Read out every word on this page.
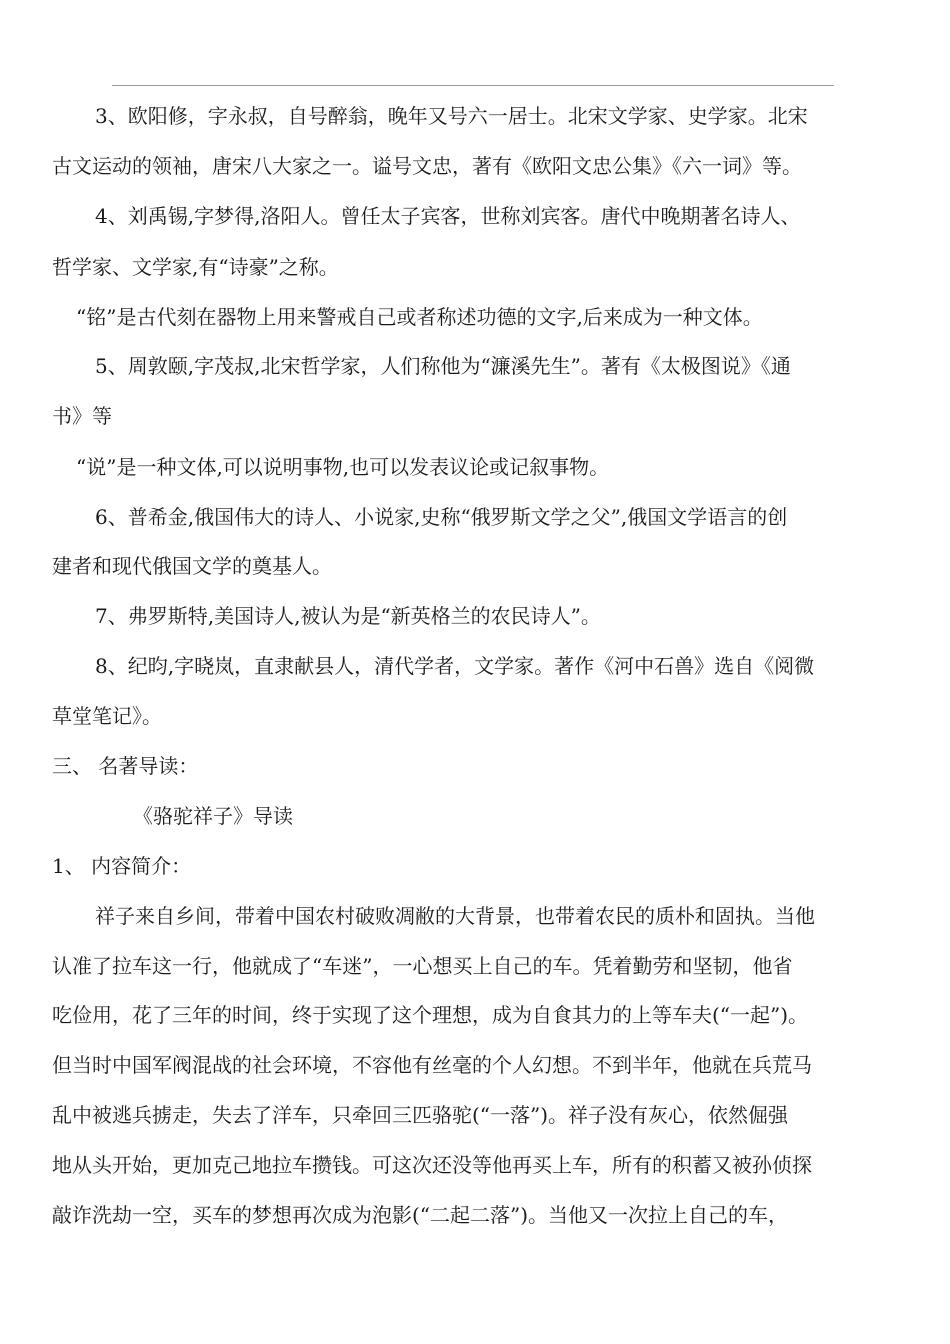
3、欧阳修，字永叔，自号醉翁，晚年又号六一居士。北宋文学家、史学家。北宋
古文运动的领袖，唐宋八大家之一。谥号文忠，著有《欧阳文忠公集》《六一词》等。
4、刘禹锡,字梦得,洛阳人。曾任太子宾客，世称刘宾客。唐代中晚期著名诗人、
哲学家、文学家,有“诗豪”之称。
“铭”是古代刻在器物上用来警戒自己或者称述功德的文字,后来成为一种文体。
5、周敦颐,字茂叔,北宋哲学家，人们称他为“濂溪先生”。著有《太极图说》《通
书》等
“说”是一种文体,可以说明事物,也可以发表议论或记叙事物。
6、普希金,俄国伟大的诗人、小说家,史称“俄罗斯文学之父”,俄国文学语言的创
建者和现代俄国文学的奠基人。
7、弗罗斯特,美国诗人,被认为是“新英格兰的农民诗人”。
8、纪昀,字晓岚，直隶献县人，清代学者，文学家。著作《河中石兽》选自《阅微
草堂笔记》。
三、 名著导读：
《骆驼祥子》导读
1、 内容简介：
祥子来自乡间，带着中国农村破败凋敝的大背景，也带着农民的质朴和固执。当他
认准了拉车这一行，他就成了“车迷”，一心想买上自己的车。凭着勤劳和坚韧，他省
吃俭用，花了三年的时间，终于实现了这个理想，成为自食其力的上等车夫(“一起”)。
但当时中国军阀混战的社会环境，不容他有丝毫的个人幻想。不到半年，他就在兵荒马
乱中被逃兵掳走，失去了洋车，只牵回三匹骆驼(“一落”)。祥子没有灰心，依然倔强
地从头开始，更加克己地拉车攒钱。可这次还没等他再买上车，所有的积蓄又被孙侦探
敲诈洗劫一空，买车的梦想再次成为泡影(“二起二落”)。当他又一次拉上自己的车，
